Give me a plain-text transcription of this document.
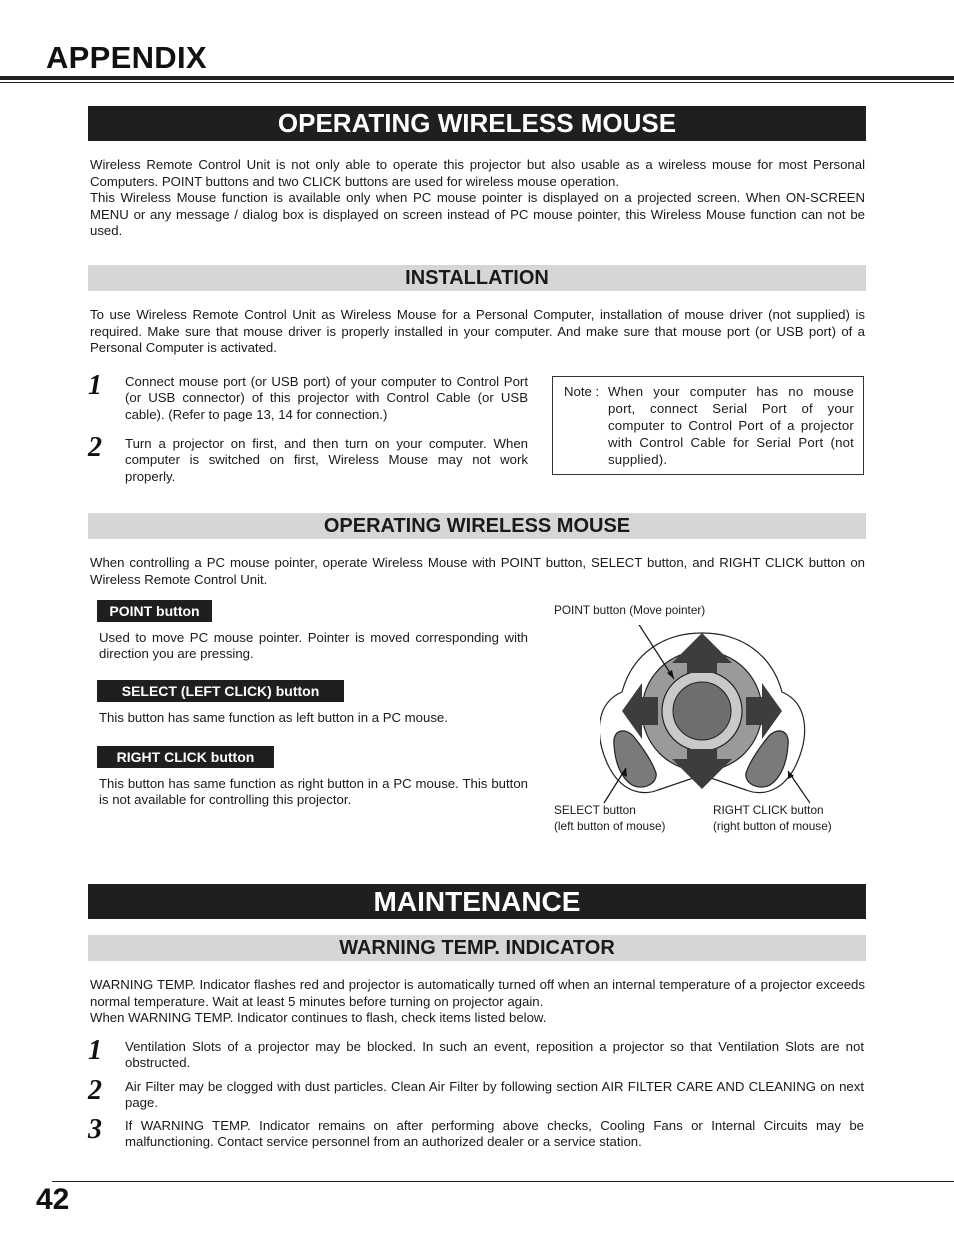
APPENDIX
OPERATING WIRELESS MOUSE

Wireless Remote Control Unit is not only able to operate this projector but also usable as a wireless mouse for most Personal Computers. POINT buttons and two CLICK buttons are used for wireless mouse operation.

This Wireless Mouse function is available only when PC mouse pointer is displayed on a projected screen. When ON-SCREEN MENU or any message / dialog box is displayed on screen instead of PC mouse pointer, this Wireless Mouse function can not be used.

INSTALLATION
To use Wireless Remote Control Unit as Wireless Mouse for a Personal Computer, installation of mouse driver (not supplied) is required. Make sure that mouse driver is properly installed in your computer. And make sure that mouse port (or USB port) of a Personal Computer is activated.
1 Connect mouse port (or USB port) of your computer to Control Port (or USB connector) of this projector with Control Cable (or USB cable). (Refer to page 13, 14 for connection.)
2 Turn a projector on first, and then turn on your computer. When computer is switched on first, Wireless Mouse may not work properly.
Note : When your computer has no mouse port, connect Serial Port of your computer to Control Port of a projector with Control Cable for Serial Port (not supplied).
OPERATING WIRELESS MOUSE
When controlling a PC mouse pointer, operate Wireless Mouse with POINT button, SELECT button, and RIGHT CLICK button on Wireless Remote Control Unit.
POINT button
Used to move PC mouse pointer. Pointer is moved corresponding with direction you are pressing.
SELECT (LEFT CLICK) button
This button has same function as left button in a PC mouse.
RIGHT CLICK button
This button has same function as right button in a PC mouse. This button is not available for controlling this projector.
POINT button (Move pointer)
SELECT button
(left button of mouse)
RIGHT CLICK button
(right button of mouse)
MAINTENANCE
WARNING TEMP. INDICATOR

WARNING TEMP. Indicator flashes red and projector is automatically turned off when an internal temperature of a projector exceeds normal temperature. Wait at least 5 minutes before turning on projector again.

When WARNING TEMP. Indicator continues to flash, check items listed below.

1 Ventilation Slots of a projector may be blocked. In such an event, reposition a projector so that Ventilation Slots are not obstructed.
2 Air Filter may be clogged with dust particles. Clean Air Filter by following section AIR FILTER CARE AND CLEANING on next page.
3 If WARNING TEMP. Indicator remains on after performing above checks, Cooling Fans or Internal Circuits may be malfunctioning. Contact service personnel from an authorized dealer or a service station.
42
